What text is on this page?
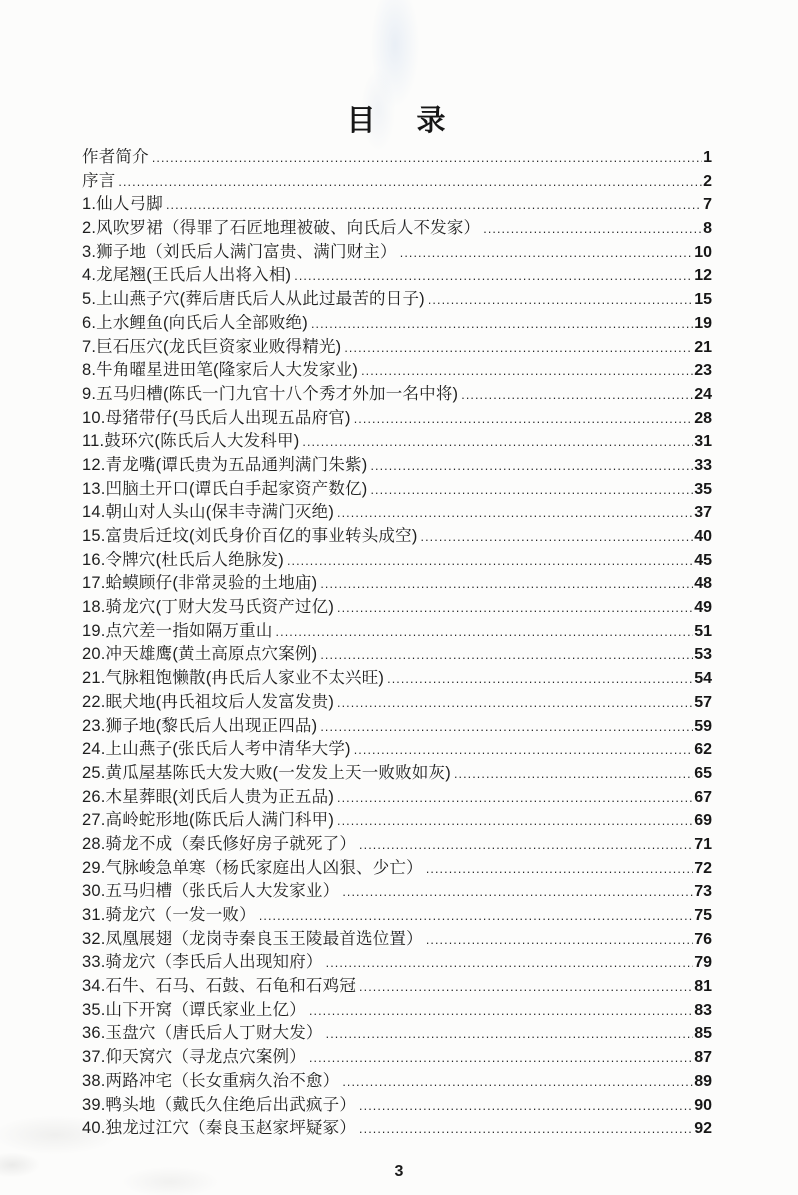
目　录
作者简介 .....	1
序言 .....	2
1.仙人弓脚 .....	7
2.风吹罗裙（得罪了石匠地理被破、向氏后人不发家） .....	8
3.狮子地（刘氏后人满门富贵、满门财主） .....	10
4.龙尾翘(王氏后人出将入相) .....	12
5.上山燕子穴(葬后唐氏后人从此过最苦的日子) .....	15
6.上水鲤鱼(向氏后人全部败绝) .....	19
7.巨石压穴(龙氏巨资家业败得精光) .....	21
8.牛角曜星进田笔(隆家后人大发家业) .....	23
9.五马归槽(陈氏一门九官十八个秀才外加一名中将) .....	24
10.母猪带仔(马氏后人出现五品府官) .....	28
11.鼓环穴(陈氏后人大发科甲) .....	31
12.青龙嘴(谭氏贵为五品通判满门朱紫) .....	33
13.凹脑土开口(谭氏白手起家资产数亿) .....	35
14.朝山对人头山(保丰寺满门灭绝) .....	37
15.富贵后迁坟(刘氏身价百亿的事业转头成空) .....	40
16.令牌穴(杜氏后人绝脉发) .....	45
17.蛤蟆顾仔(非常灵验的土地庙) .....	48
18.骑龙穴(丁财大发马氏资产过亿) .....	49
19.点穴差一指如隔万重山 .....	51
20.冲天雄鹰(黄土高原点穴案例) .....	53
21.气脉粗饱懒散(冉氏后人家业不太兴旺) .....	54
22.眠犬地(冉氏祖坟后人发富发贵) .....	57
23.狮子地(黎氏后人出现正四品) .....	59
24.上山燕子(张氏后人考中清华大学) .....	62
25.黄瓜屋基陈氏大发大败(一发发上天一败败如灰) .....	65
26.木星葬眼(刘氏后人贵为正五品) .....	67
27.高岭蛇形地(陈氏后人满门科甲) .....	69
28.骑龙不成（秦氏修好房子就死了） .....	71
29.气脉峻急单寒（杨氏家庭出人凶狠、少亡） .....	72
30.五马归槽（张氏后人大发家业） .....	73
31.骑龙穴（一发一败） .....	75
32.凤凰展翅（龙岗寺秦良玉王陵最首选位置） .....	76
33.骑龙穴（李氏后人出现知府） .....	79
34.石牛、石马、石鼓、石龟和石鸡冠 .....	81
35.山下开窝（谭氏家业上亿） .....	83
36.玉盘穴（唐氏后人丁财大发） .....	85
37.仰天窝穴（寻龙点穴案例） .....	87
38.两路冲宅（长女重病久治不愈） .....	89
39.鸭头地（戴氏久住绝后出武疯子） .....	90
40.独龙过江穴（秦良玉赵家坪疑冢） .....	92
3
